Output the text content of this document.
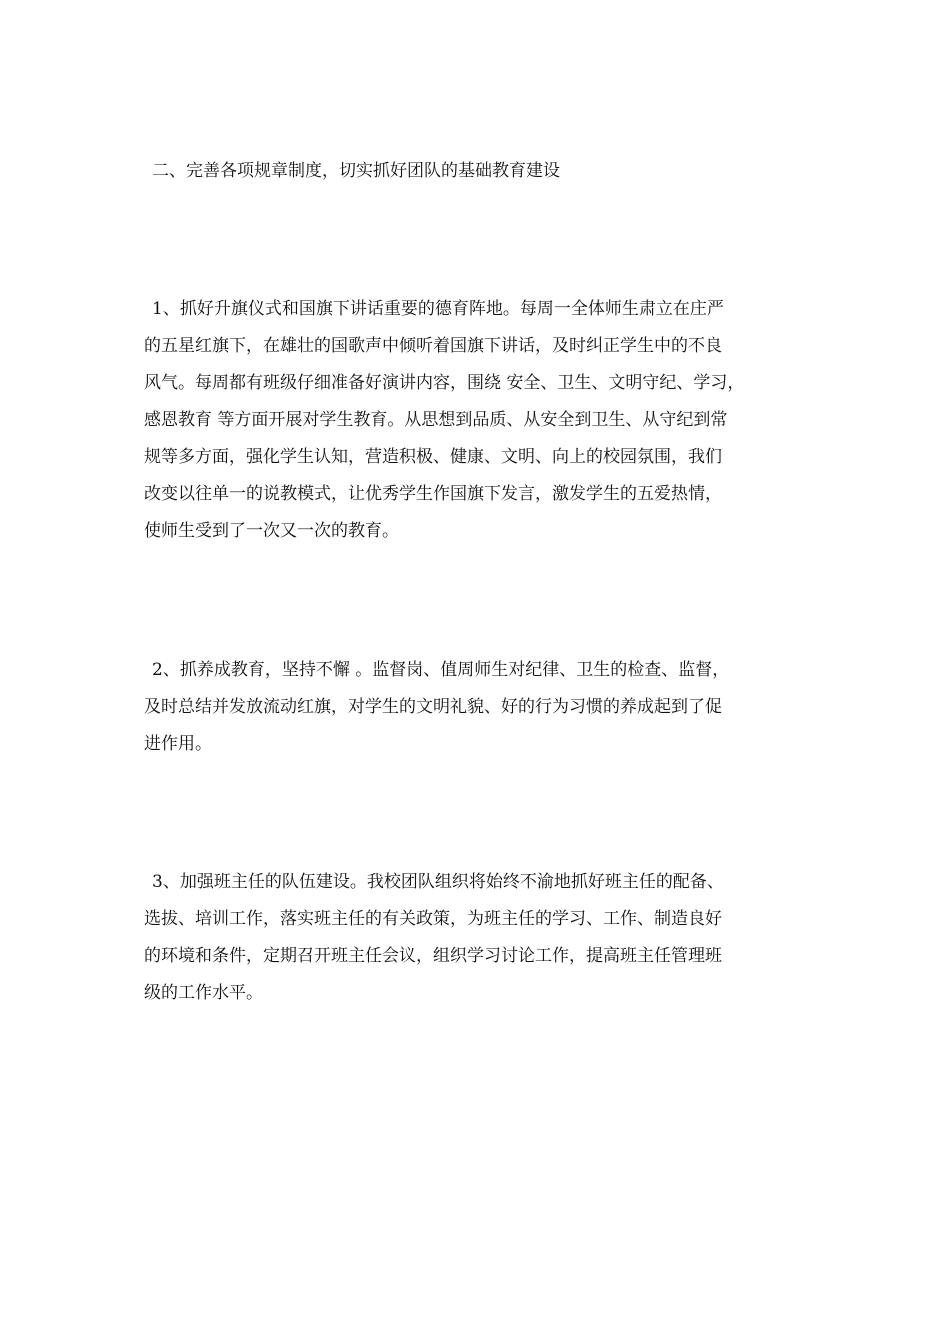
二、完善各项规章制度，切实抓好团队的基础教育建设
1、抓好升旗仪式和国旗下讲话重要的德育阵地。每周一全体师生肃立在庄严
的五星红旗下，在雄壮的国歌声中倾听着国旗下讲话，及时纠正学生中的不良
风气。每周都有班级仔细准备好演讲内容，围绕 安全、卫生、文明守纪、学习，
感恩教育 等方面开展对学生教育。从思想到品质、从安全到卫生、从守纪到常
规等多方面，强化学生认知，营造积极、健康、文明、向上的校园氛围，我们
改变以往单一的说教模式，让优秀学生作国旗下发言，激发学生的五爱热情，
使师生受到了一次又一次的教育。
2、抓养成教育，坚持不懈 。监督岗、值周师生对纪律、卫生的检查、监督，
及时总结并发放流动红旗，对学生的文明礼貌、好的行为习惯的养成起到了促
进作用。
3、加强班主任的队伍建设。我校团队组织将始终不渝地抓好班主任的配备、
选拔、培训工作，落实班主任的有关政策，为班主任的学习、工作、制造良好
的环境和条件，定期召开班主任会议，组织学习讨论工作，提高班主任管理班
级的工作水平。
